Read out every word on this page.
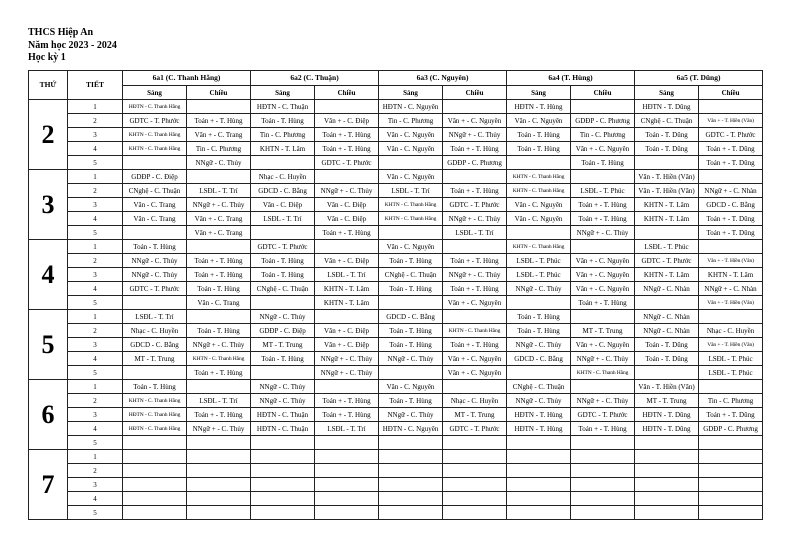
THCS Hiệp An
Năm học 2023 - 2024
Học kỳ 1
THỨ	TIẾT	6a1 (C. Thanh Hằng)		6a2 (C. Thuận)		6a3 (C. Nguyên)		6a4 (T. Hùng)		6a5 (T. Dũng)	
		Sáng	Chiều	Sáng	Chiều	Sáng	Chiều	Sáng	Chiều	Sáng	Chiều
2	1	HĐTN - C. Thanh Hằng		HĐTN - C. Thuận		HĐTN - C. Nguyên		HĐTN - T. Hùng		HĐTN - T. Dũng	
	2	GDTC - T. Phước	Toán + - T. Hùng	Toán - T. Hùng	Văn + - C. Điệp	Tin - C. Phương	Văn + - C. Nguyên	Văn - C. Nguyên	GDĐP - C. Phương	CNghệ - C. Thuận	Văn + - T. Hiền (Văn)
	3	KHTN - C. Thanh Hằng	Văn + - C. Trang	Tin - C. Phương	Toán + - T. Hùng	Văn - C. Nguyên	NNgữ + - C. Thủy	Toán - T. Hùng	Tin - C. Phương	Toán - T. Dũng	GDTC - T. Phước
	4	KHTN - C. Thanh Hằng	Tin - C. Phương	KHTN - T. Lâm	Toán + - T. Hùng	Văn - C. Nguyên	Toán + - T. Hùng	Toán - T. Hùng	Văn + - C. Nguyên	Toán - T. Dũng	Toán + - T. Dũng
	5		NNgữ - C. Thủy		GDTC - T. Phước		GDĐP - C. Phương		Toán - T. Hùng		Toán + - T. Dũng
3	1	GDĐP - C. Điệp		Nhạc - C. Huyền		Văn - C. Nguyên		KHTN - C. Thanh Hằng		Văn - T. Hiền (Văn)	
	2	CNghệ - C. Thuận	LSĐL - T. Trí	GDCD - C. Bằng	NNgữ + - C. Thủy	LSĐL - T. Trí	Toán + - T. Hùng	KHTN - C. Thanh Hằng	LSĐL - T. Phúc	Văn - T. Hiền (Văn)	NNgữ + - C. Nhàn
	3	Văn - C. Trang	NNgữ + - C. Thủy	Văn - C. Điệp	Văn - C. Điệp	KHTN - C. Thanh Hằng	GDTC - T. Phước	Văn - C. Nguyên	Toán + - T. Hùng	KHTN - T. Lâm	GDCD - C. Bằng
	4	Văn - C. Trang	Văn + - C. Trang	LSĐL - T. Trí	Văn - C. Điệp	KHTN - C. Thanh Hằng	NNgữ + - C. Thủy	Văn - C. Nguyên	Toán + - T. Hùng	KHTN - T. Lâm	Toán + - T. Dũng
	5		Văn + - C. Trang		Toán + - T. Hùng		LSĐL - T. Trí		NNgữ + - C. Thủy		Toán + - T. Dũng
4	1	Toán - T. Hùng		GDTC - T. Phước		Văn - C. Nguyên		KHTN - C. Thanh Hằng		LSĐL - T. Phúc	
	2	NNgữ - C. Thủy	Toán + - T. Hùng	Toán - T. Hùng	Văn + - C. Điệp	Toán - T. Hùng	Toán + - T. Hùng	LSĐL - T. Phúc	Văn + - C. Nguyên	GDTC - T. Phước	Văn + - T. Hiền (Văn)
	3	NNgữ - C. Thủy	Toán + - T. Hùng	Toán - T. Hùng	LSĐL - T. Trí	CNghệ - C. Thuận	NNgữ + - C. Thủy	LSĐL - T. Phúc	Văn + - C. Nguyên	KHTN - T. Lâm	KHTN - T. Lâm
	4	GDTC - T. Phước	Toán - T. Hùng	CNghệ - C. Thuận	KHTN - T. Lâm	Toán - T. Hùng	Toán + - T. Hùng	NNgữ - C. Thủy	Văn + - C. Nguyên	NNgữ - C. Nhàn	NNgữ + - C. Nhàn
	5		Văn - C. Trang		KHTN - T. Lâm		Văn + - C. Nguyên		Toán + - T. Hùng		Văn + - T. Hiền (Văn)
5	1	LSĐL - T. Trí		NNgữ - C. Thủy		GDCD - C. Bằng		Toán - T. Hùng		NNgữ - C. Nhàn	
	2	Nhạc - C. Huyền	Toán - T. Hùng	GDĐP - C. Điệp	Văn + - C. Điệp	Toán - T. Hùng	KHTN - C. Thanh Hằng	Toán - T. Hùng	MT - T. Trung	NNgữ - C. Nhàn	Nhạc - C. Huyền
	3	GDCD - C. Bằng	NNgữ + - C. Thủy	MT - T. Trung	Văn + - C. Điệp	Toán - T. Hùng	Toán + - T. Hùng	NNgữ - C. Thủy	Văn + - C. Nguyên	Toán - T. Dũng	Văn + - T. Hiền (Văn)
	4	MT - T. Trung	KHTN - C. Thanh Hằng	Toán - T. Hùng	NNgữ + - C. Thủy	NNgữ - C. Thủy	Văn + - C. Nguyên	GDCD - C. Bằng	NNgữ + - C. Thủy	Toán - T. Dũng	LSĐL - T. Phúc
	5		Toán + - T. Hùng		NNgữ + - C. Thủy		Văn + - C. Nguyên		KHTN - C. Thanh Hằng		LSĐL - T. Phúc
6	1	Toán - T. Hùng		NNgữ - C. Thủy		Văn - C. Nguyên		CNghệ - C. Thuận		Văn - T. Hiền (Văn)	
	2	KHTN - C. Thanh Hằng	LSĐL - T. Trí	NNgữ - C. Thủy	Toán + - T. Hùng	Toán - T. Hùng	Nhạc - C. Huyền	NNgữ - C. Thủy	NNgữ + - C. Thủy	MT - T. Trung	Tin - C. Phương
	3	HĐTN - C. Thanh Hằng	Toán + - T. Hùng	HĐTN - C. Thuận	Toán + - T. Hùng	NNgữ - C. Thủy	MT - T. Trung	HĐTN - T. Hùng	GDTC - T. Phước	HĐTN - T. Dũng	Toán + - T. Dũng
	4	HĐTN - C. Thanh Hằng	NNgữ + - C. Thủy	HĐTN - C. Thuận	LSĐL - T. Trí	HĐTN - C. Nguyên	GDTC - T. Phước	HĐTN - T. Hùng	Toán + - T. Hùng	HĐTN - T. Dũng	GDĐP - C. Phương
	5										
7	1										
	2										
	3										
	4										
	5										
